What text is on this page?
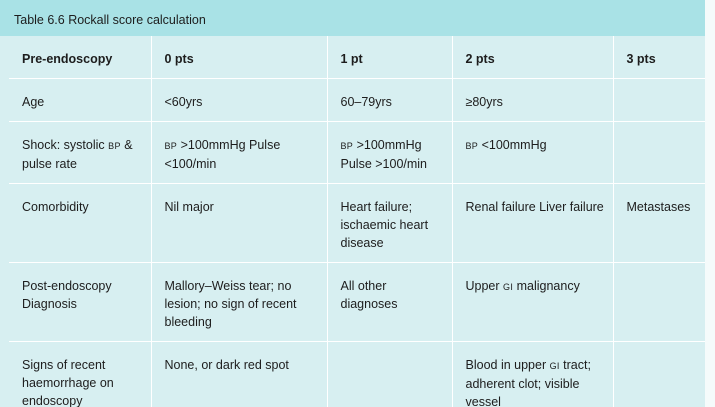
Table 6.6 Rockall score calculation
Pre-endoscopy	0 pts	1 pt	2 pts	3 pts
Age	<60yrs	60–79yrs	≥80yrs	
Shock: systolic BP & pulse rate	BP >100mmHg Pulse <100/min	BP >100mmHg Pulse >100/min	BP <100mmHg	
Comorbidity	Nil major	Heart failure; ischaemic heart disease	Renal failure Liver failure	Metastases
Post-endoscopy Diagnosis	Mallory–Weiss tear; no lesion; no sign of recent bleeding	All other diagnoses	Upper GI malignancy	
Signs of recent haemorrhage on endoscopy	None, or dark red spot		Blood in upper GI tract; adherent clot; visible vessel	
